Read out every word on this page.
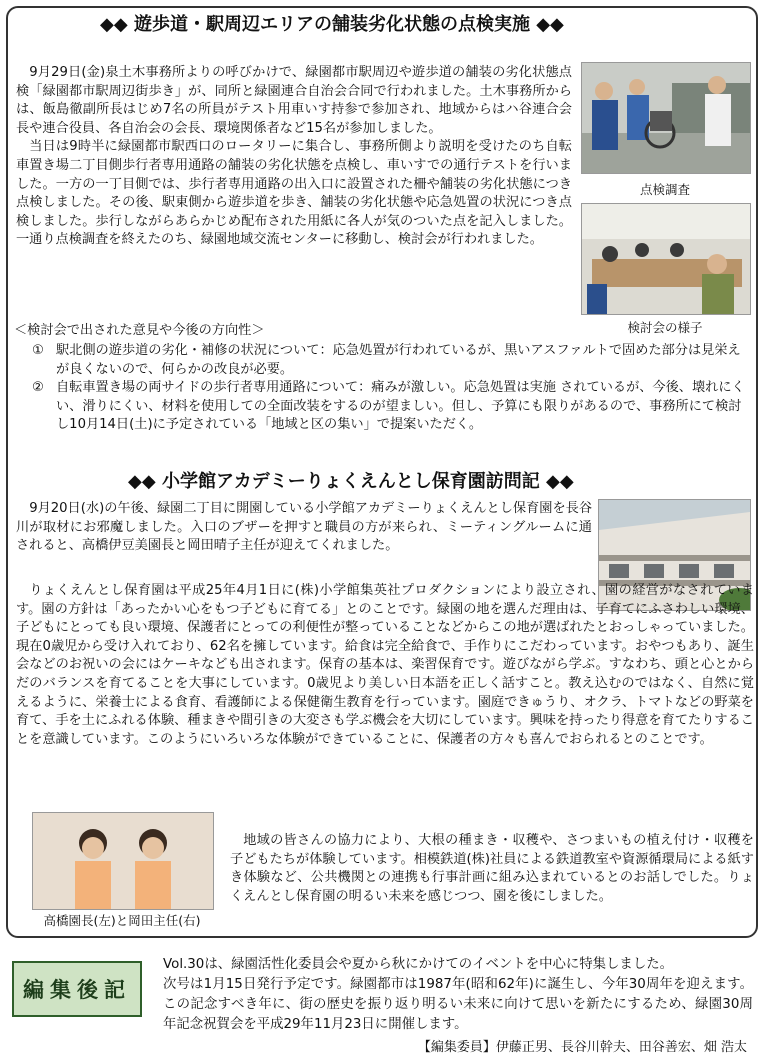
◆◆ 遊歩道・駅周辺エリアの舗装劣化状態の点検実施 ◆◆

9月29日(金)泉土木事務所よりの呼びかけで、緑園都市駅周辺や遊歩道の舗装の劣化状態点検「緑園都市駅周辺街歩き」が、同所と緑園連合自治会合同で行われました。土木事務所からは、飯島徹副所長はじめ7名の所員がテスト用車いす持参で参加され、地域からはハ谷連合会長や連合役員、各自治会の会長、環境関係者など15名が参加しました。

当日は9時半に緑園都市駅西口のロータリーに集合し、事務所側より説明を受けたのち自転車置き場二丁目側歩行者専用通路の舗装の劣化状態を点検し、車いすでの通行テストを行いました。一方の一丁目側では、歩行者専用通路の出入口に設置された柵や舗装の劣化状態につき点検しました。その後、駅東側から遊歩道を歩き、舗装の劣化状態や応急処置の状況につき点検しました。歩行しながらあらかじめ配布された用紙に各人が気のついた点を記入しました。一通り点検調査を終えたのち、緑園地域交流センターに移動し、検討会が行われました。

点検調査
検討会の様子
＜検討会で出された意見や今後の方向性＞
① 駅北側の遊歩道の劣化・補修の状況について：応急処置が行われているが、黒いアスファルトで固めた部分は見栄えが良くないので、何らかの改良が必要。
② 自転車置き場の両サイドの歩行者専用通路について：痛みが激しい。応急処置は実施 されているが、今後、壊れにくい、滑りにくい、材料を使用しての全面改装をするのが望ましい。但し、予算にも限りがあるので、事務所にて検討し10月14日(土)に予定されている「地域と区の集い」で提案いただく。
◆◆ 小学館アカデミーりょくえんとし保育園訪問記 ◆◆

9月20日(水)の午後、緑園二丁目に開園している小学館アカデミーりょくえんとし保育園を長谷川が取材にお邪魔しました。入口のブザーを押すと職員の方が来られ、ミーティングルームに通されると、高橋伊豆美園長と岡田晴子主任が迎えてくれました。

りょくえんとし保育園は平成25年4月1日に(株)小学館集英社プロダクションにより設立され、園の経営がなされています。園の方針は「あったかい心をもつ子どもに育てる」とのことです。緑園の地を選んだ理由は、子育てにふさわしい環境、子どもにとっても良い環境、保護者にとっての利便性が整っていることなどからこの地が選ばれたとおっしゃっていました。現在0歳児から受け入れており、62名を擁しています。給食は完全給食で、手作りにこだわっています。おやつもあり、誕生会などのお祝いの会にはケーキなども出されます。保育の基本は、楽習保育です。遊びながら学ぶ。すなわち、頭と心とからだのバランスを育てることを大事にしています。0歳児より美しい日本語を正しく話すこと。教え込むのではなく、自然に覚えるように、栄養士による食育、看護師による保健衛生教育を行っています。園庭できゅうり、オクラ、トマトなどの野菜を育て、手を土にふれる体験、種まきや間引きの大変さも学ぶ機会を大切にしています。興味を持ったり得意を育てたりすることを意識しています。このようにいろいろな体験ができていることに、保護者の方々も喜んでおられるとのことです。

高橋園長(左)と岡田主任(右)

地域の皆さんの協力により、大根の種まき・収穫や、さつまいもの植え付け・収穫を子どもたちが体験しています。相模鉄道(株)社員による鉄道教室や資源循環局による紙すき体験など、公共機関との連携も行事計画に組み込まれているとのお話しでした。りょくえんとし保育園の明るい未来を感じつつ、園を後にしました。

編集後記

Vol.30は、緑園活性化委員会や夏から秋にかけてのイベントを中心に特集しました。

次号は1月15日発行予定です。緑園都市は1987年(昭和62年)に誕生し、今年30周年を迎えます。この記念すべき年に、街の歴史を振り返り明るい未来に向けて思いを新たにするため、緑園30周年記念祝賀会を平成29年11月23日に開催します。

【編集委員】伊藤正男、長谷川幹夫、田谷善宏、畑 浩太
